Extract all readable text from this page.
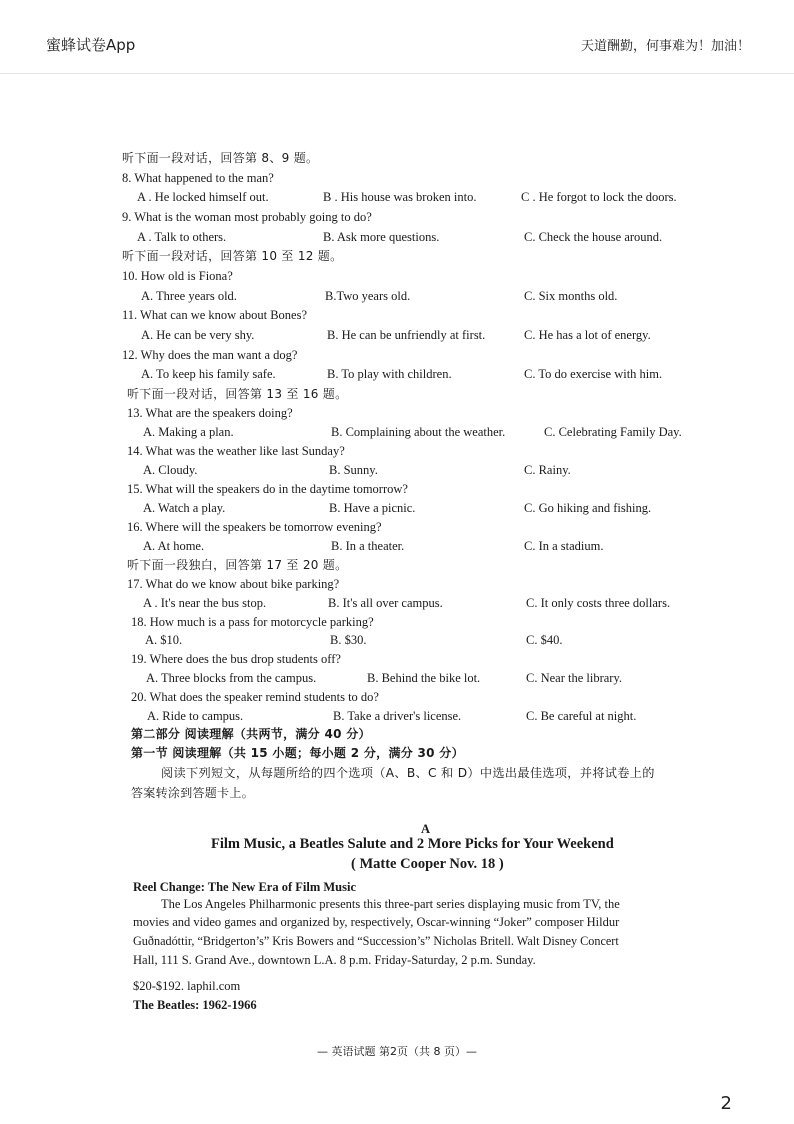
蜜蜂试卷App	天道酬勤，何事难为！加油！
听下面一段对话，回答第 8、9 题。
8. What happened to the man?
A . He locked himself out.	B . His house was broken into.	C . He forgot to lock the doors.
9. What is the woman most probably going to do?
A . Talk to others.	B. Ask more questions.	C. Check the house around.
听下面一段对话，回答第 10 至 12 题。
10. How old is Fiona?
A. Three years old.	B.Two years old.	C. Six months old.
11. What can we know about Bones?
A. He can be very shy.	B. He can be unfriendly at first.	C. He has a lot of energy.
12. Why does the man want a dog?
A. To keep his family safe.	B. To play with children.	C. To do exercise with him.
听下面一段对话，回答第 13 至 16 题。
13. What are the speakers doing?
A. Making a plan.	B. Complaining about the weather.	C. Celebrating Family Day.
14. What was the weather like last Sunday?
A. Cloudy.	B. Sunny.	C. Rainy.
15. What will the speakers do in the daytime tomorrow?
A. Watch a play.	B. Have a picnic.	C. Go hiking and fishing.
16. Where will the speakers be tomorrow evening?
A. At home.	B. In a theater.	C. In a stadium.
听下面一段独白，回答第 17 至 20 题。
17. What do we know about bike parking?
A . It's near the bus stop.	B. It's all over campus.	C. It only costs three dollars.
18. How much is a pass for motorcycle parking?
A. $10.	B. $30.	C. $40.
19. Where does the bus drop students off?
A. Three blocks from the campus.	B. Behind the bike lot.	C. Near the library.
20. What does the speaker remind students to do?
A. Ride to campus.	B. Take a driver's license.	C. Be careful at night.
第二部分 阅读理解（共两节，满分 40 分）
第一节 阅读理解（共 15 小题；每小题 2 分，满分 30 分）
阅读下列短文，从每题所给的四个选项（A、B、C 和 D）中选出最佳选项，并将试卷上的
答案转涂到答题卡上。
A
Film Music, a Beatles Salute and 2 More Picks for Your Weekend
( Matte Cooper Nov. 18 )
Reel Change: The New Era of Film Music
The Los Angeles Philharmonic presents this three-part series displaying music from TV, the
movies and video games and organized by, respectively, Oscar-winning “Joker” composer Hildur
Guðnadóttir, “Bridgerton’s” Kris Bowers and “Succession’s” Nicholas Britell. Walt Disney Concert
Hall, 111 S. Grand Ave., downtown L.A. 8 p.m. Friday-Saturday, 2 p.m. Sunday.
$20-$192. laphil.com
The Beatles: 1962-1966
— 英语试题 第2页（共 8 页）—
2
